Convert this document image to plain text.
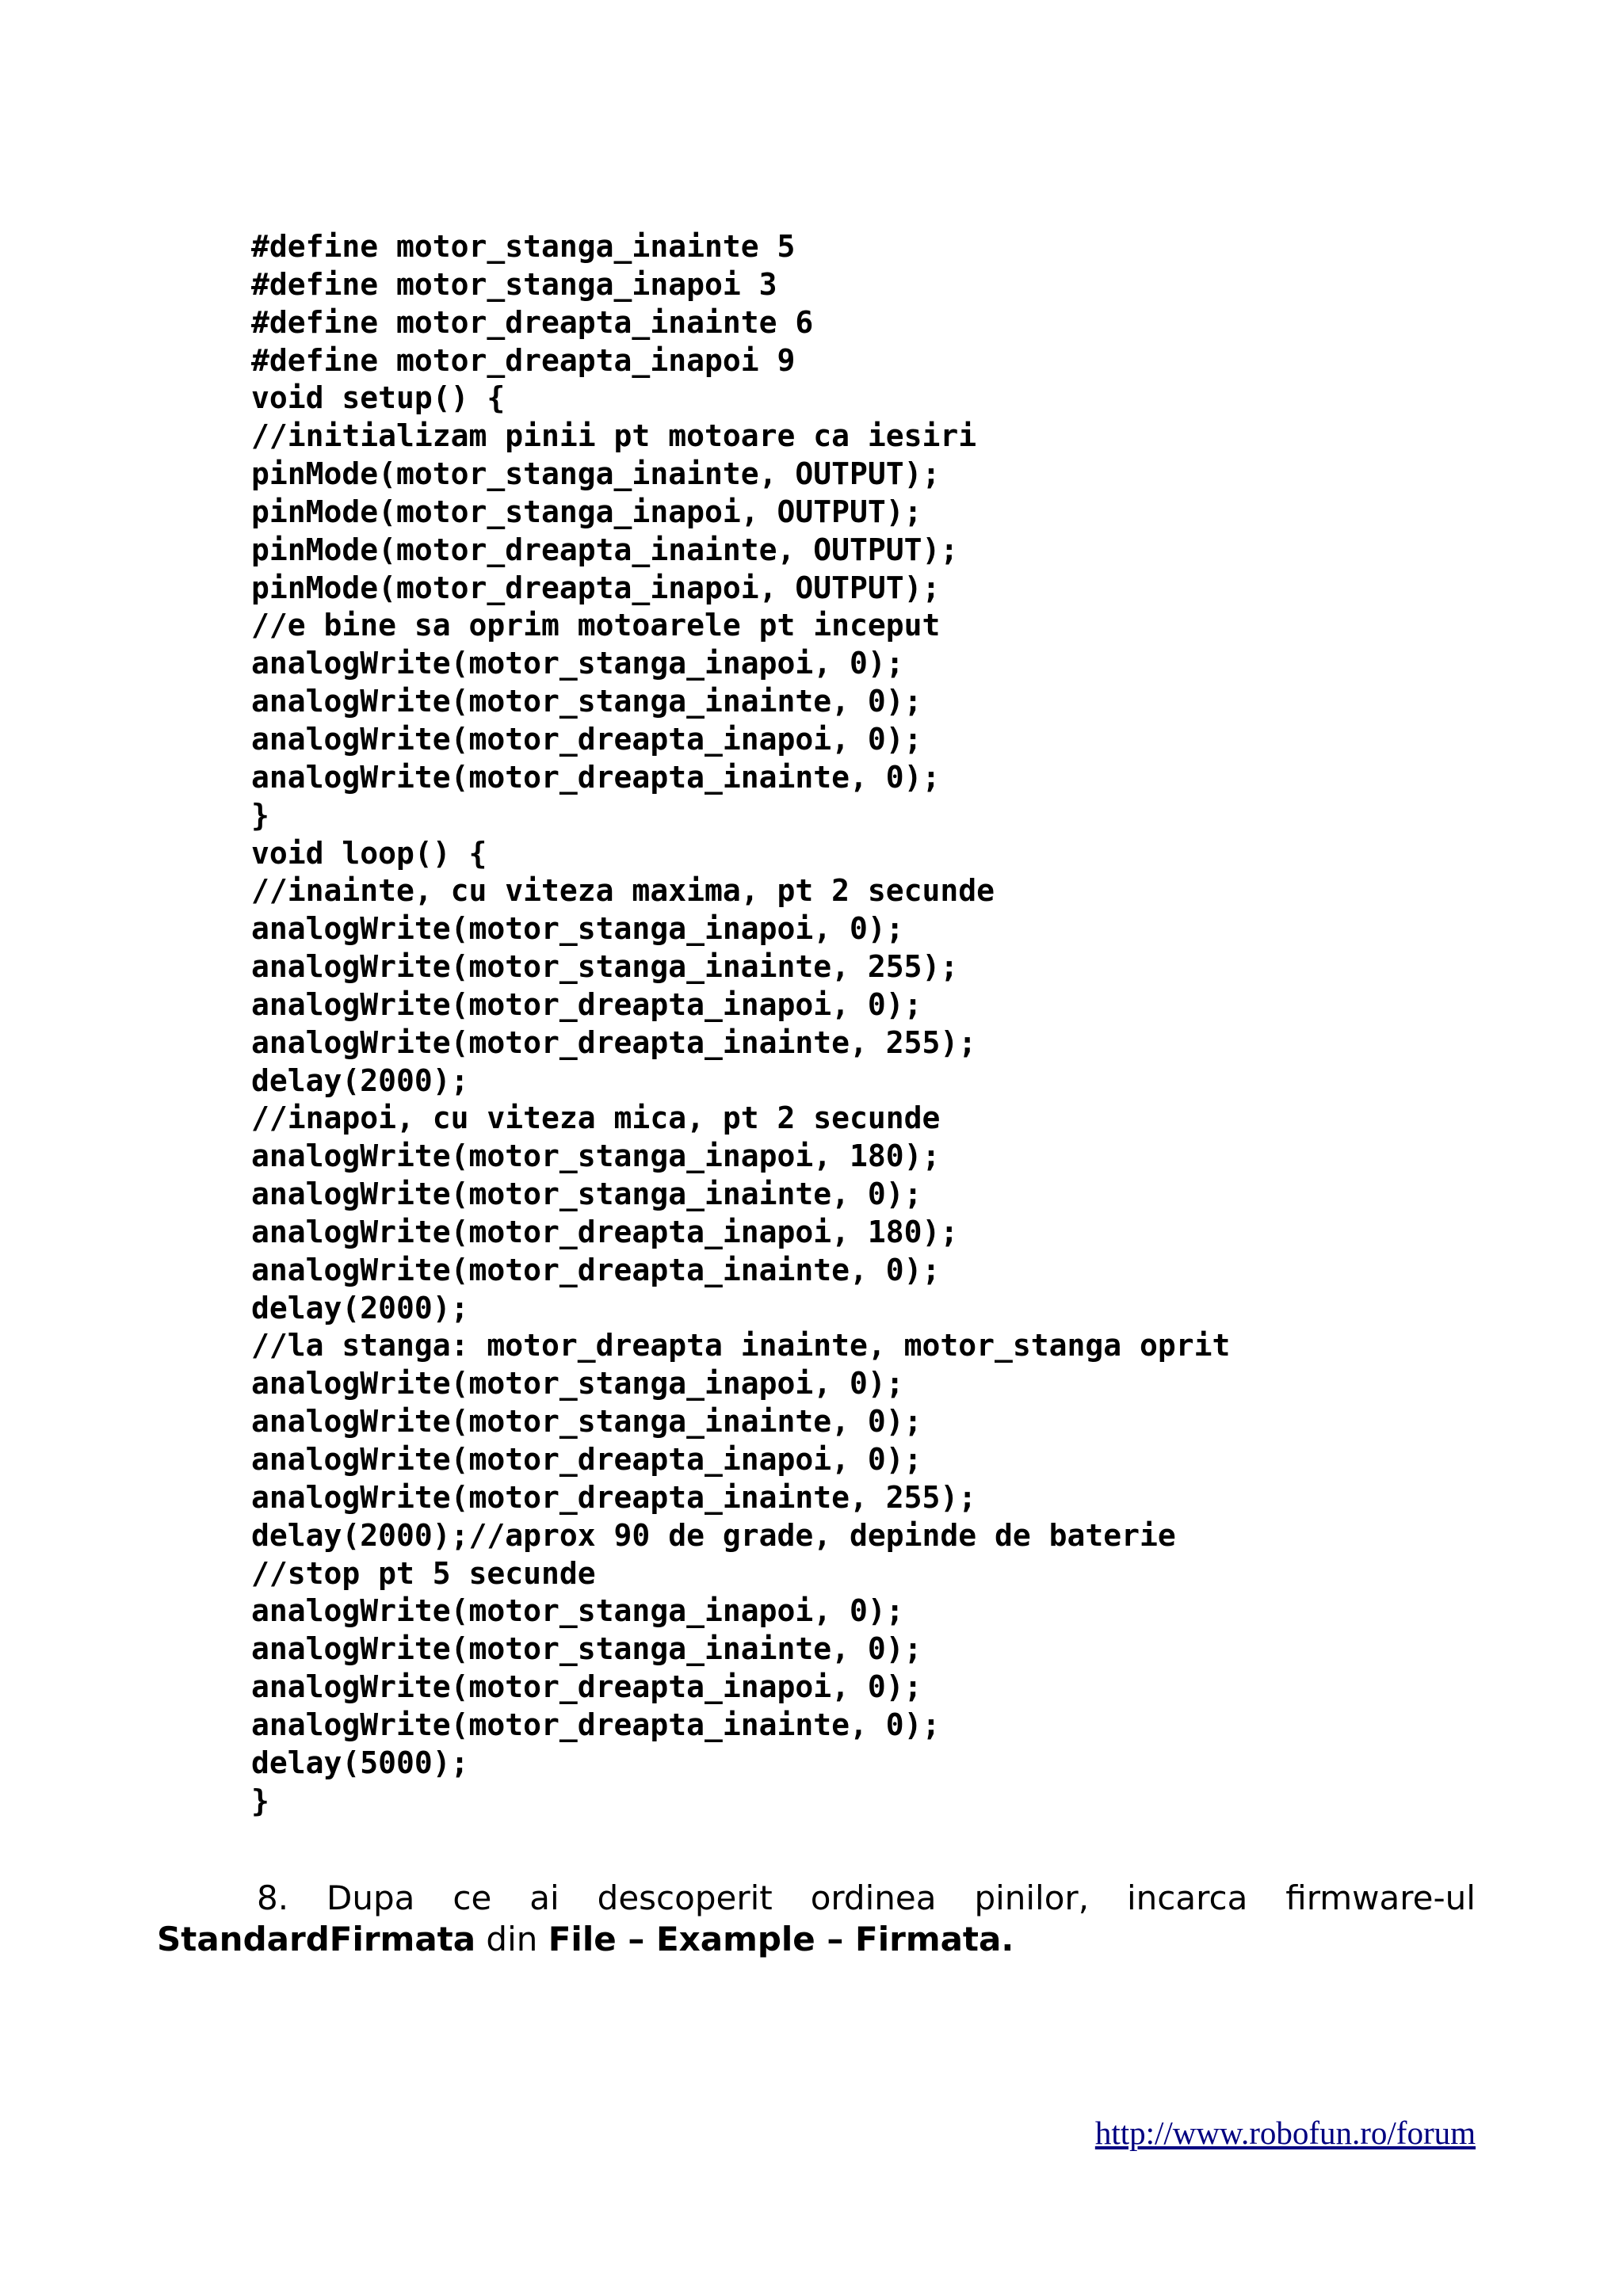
#define motor_stanga_inainte 5
#define motor_stanga_inapoi 3
#define motor_dreapta_inainte 6
#define motor_dreapta_inapoi 9
void setup() {
//initializam pinii pt motoare ca iesiri
pinMode(motor_stanga_inainte, OUTPUT);
pinMode(motor_stanga_inapoi, OUTPUT);
pinMode(motor_dreapta_inainte, OUTPUT);
pinMode(motor_dreapta_inapoi, OUTPUT);
//e bine sa oprim motoarele pt inceput
analogWrite(motor_stanga_inapoi, 0);
analogWrite(motor_stanga_inainte, 0);
analogWrite(motor_dreapta_inapoi, 0);
analogWrite(motor_dreapta_inainte, 0);
}
void loop() {
//inainte, cu viteza maxima, pt 2 secunde
analogWrite(motor_stanga_inapoi, 0);
analogWrite(motor_stanga_inainte, 255);
analogWrite(motor_dreapta_inapoi, 0);
analogWrite(motor_dreapta_inainte, 255);
delay(2000);
//inapoi, cu viteza mica, pt 2 secunde
analogWrite(motor_stanga_inapoi, 180);
analogWrite(motor_stanga_inainte, 0);
analogWrite(motor_dreapta_inapoi, 180);
analogWrite(motor_dreapta_inainte, 0);
delay(2000);
//la stanga: motor_dreapta inainte, motor_stanga oprit
analogWrite(motor_stanga_inapoi, 0);
analogWrite(motor_stanga_inainte, 0);
analogWrite(motor_dreapta_inapoi, 0);
analogWrite(motor_dreapta_inainte, 255);
delay(2000);//aprox 90 de grade, depinde de baterie
//stop pt 5 secunde
analogWrite(motor_stanga_inapoi, 0);
analogWrite(motor_stanga_inainte, 0);
analogWrite(motor_dreapta_inapoi, 0);
analogWrite(motor_dreapta_inainte, 0);
delay(5000);
}
8. Dupa ce ai descoperit ordinea pinilor, incarca firmware-ul
StandardFirmata din File – Example – Firmata.
http://www.robofun.ro/forum
